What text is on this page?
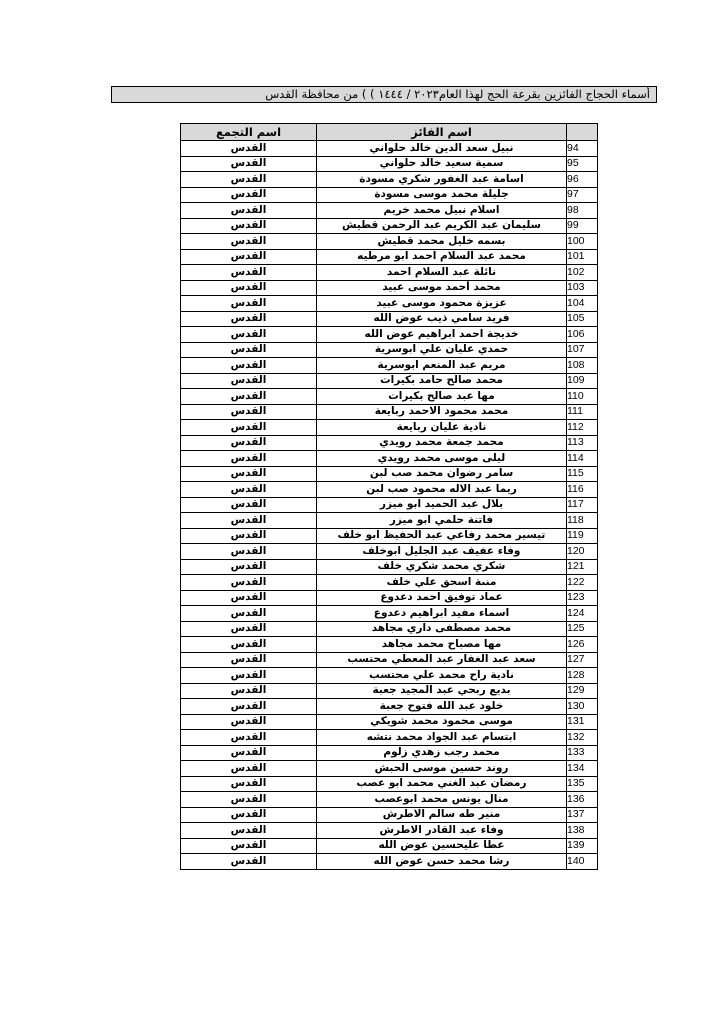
أسماء الحجاج الفائزين بقرعة الحج لهذا العام٢٠٢٣ / ١٤٤٤ ) ) من محافظة القدس
	اسم الفائز	اسم التجمع
94	نبيل سعد الدين خالد حلواني	القدس
95	سمية سعيد خالد حلواني	القدس
96	اسامة عبد الغفور شكري مسودة	القدس
97	جليلة محمد موسى مسودة	القدس
98	اسلام نبيل محمد خريم	القدس
99	سليمان عبد الكريم عبد الرحمن قطيش	القدس
100	بسمه خليل محمد قطيش	القدس
101	محمد عبد السلام احمد ابو مرطيه	القدس
102	نائلة عبد السلام احمد	القدس
103	محمد أحمد موسى عبيد	القدس
104	عزيزة محمود موسى عبيد	القدس
105	فريد سامي ذيب عوض الله	القدس
106	خديجة احمد ابراهيم عوض الله	القدس
107	حمدي عليان علي ابوسرية	القدس
108	مريم عبد المنعم ابوسرية	القدس
109	محمد صالح حامد بكيرات	القدس
110	مها عبد صالح بكيرات	القدس
111	محمد محمود الاحمد ربايعة	القدس
112	نادية عليان ربايعة	القدس
113	محمد جمعة محمد رويدي	القدس
114	ليلى موسى محمد رويدي	القدس
115	سامر رضوان محمد صب لبن	القدس
116	ريما عبد الاله محمود صب لبن	القدس
117	بلال عبد الحميد ابو ميزر	القدس
118	فاتنة حلمي ابو ميزر	القدس
119	تيسير محمد رفاعي عبد الحفيظ ابو خلف	القدس
120	وفاء عفيف عبد الجليل ابوخلف	القدس
121	شكري محمد شكري خلف	القدس
122	منىة اسحق علي خلف	القدس
123	عماد توفيق احمد دعدوع	القدس
124	اسماء مفيد ابراهيم دعدوع	القدس
125	محمد مصطفى داري مجاهد	القدس
126	مها مصباح محمد مجاهد	القدس
127	سعد عبد الغفار عبد المعطي محتسب	القدس
128	نادية راح محمد علي محتسب	القدس
129	بديع ربحي عبد المجيد جعبة	القدس
130	خلود عبد الله فتوح جعبة	القدس
131	موسى محمود محمد شويكي	القدس
132	ابتسام عبد الجواد محمد نتشه	القدس
133	محمد رجب زهدي زلوم	القدس
134	روند حسين موسى الحبش	القدس
135	رمضان عبد الغني محمد ابو عصب	القدس
136	منال يونس محمد ابوعصب	القدس
137	منير طه سالم الاطرش	القدس
138	وفاء عبد القادر الاطرش	القدس
139	عطا عليحسين عوض الله	القدس
140	رشا محمد حسن عوض الله	القدس
